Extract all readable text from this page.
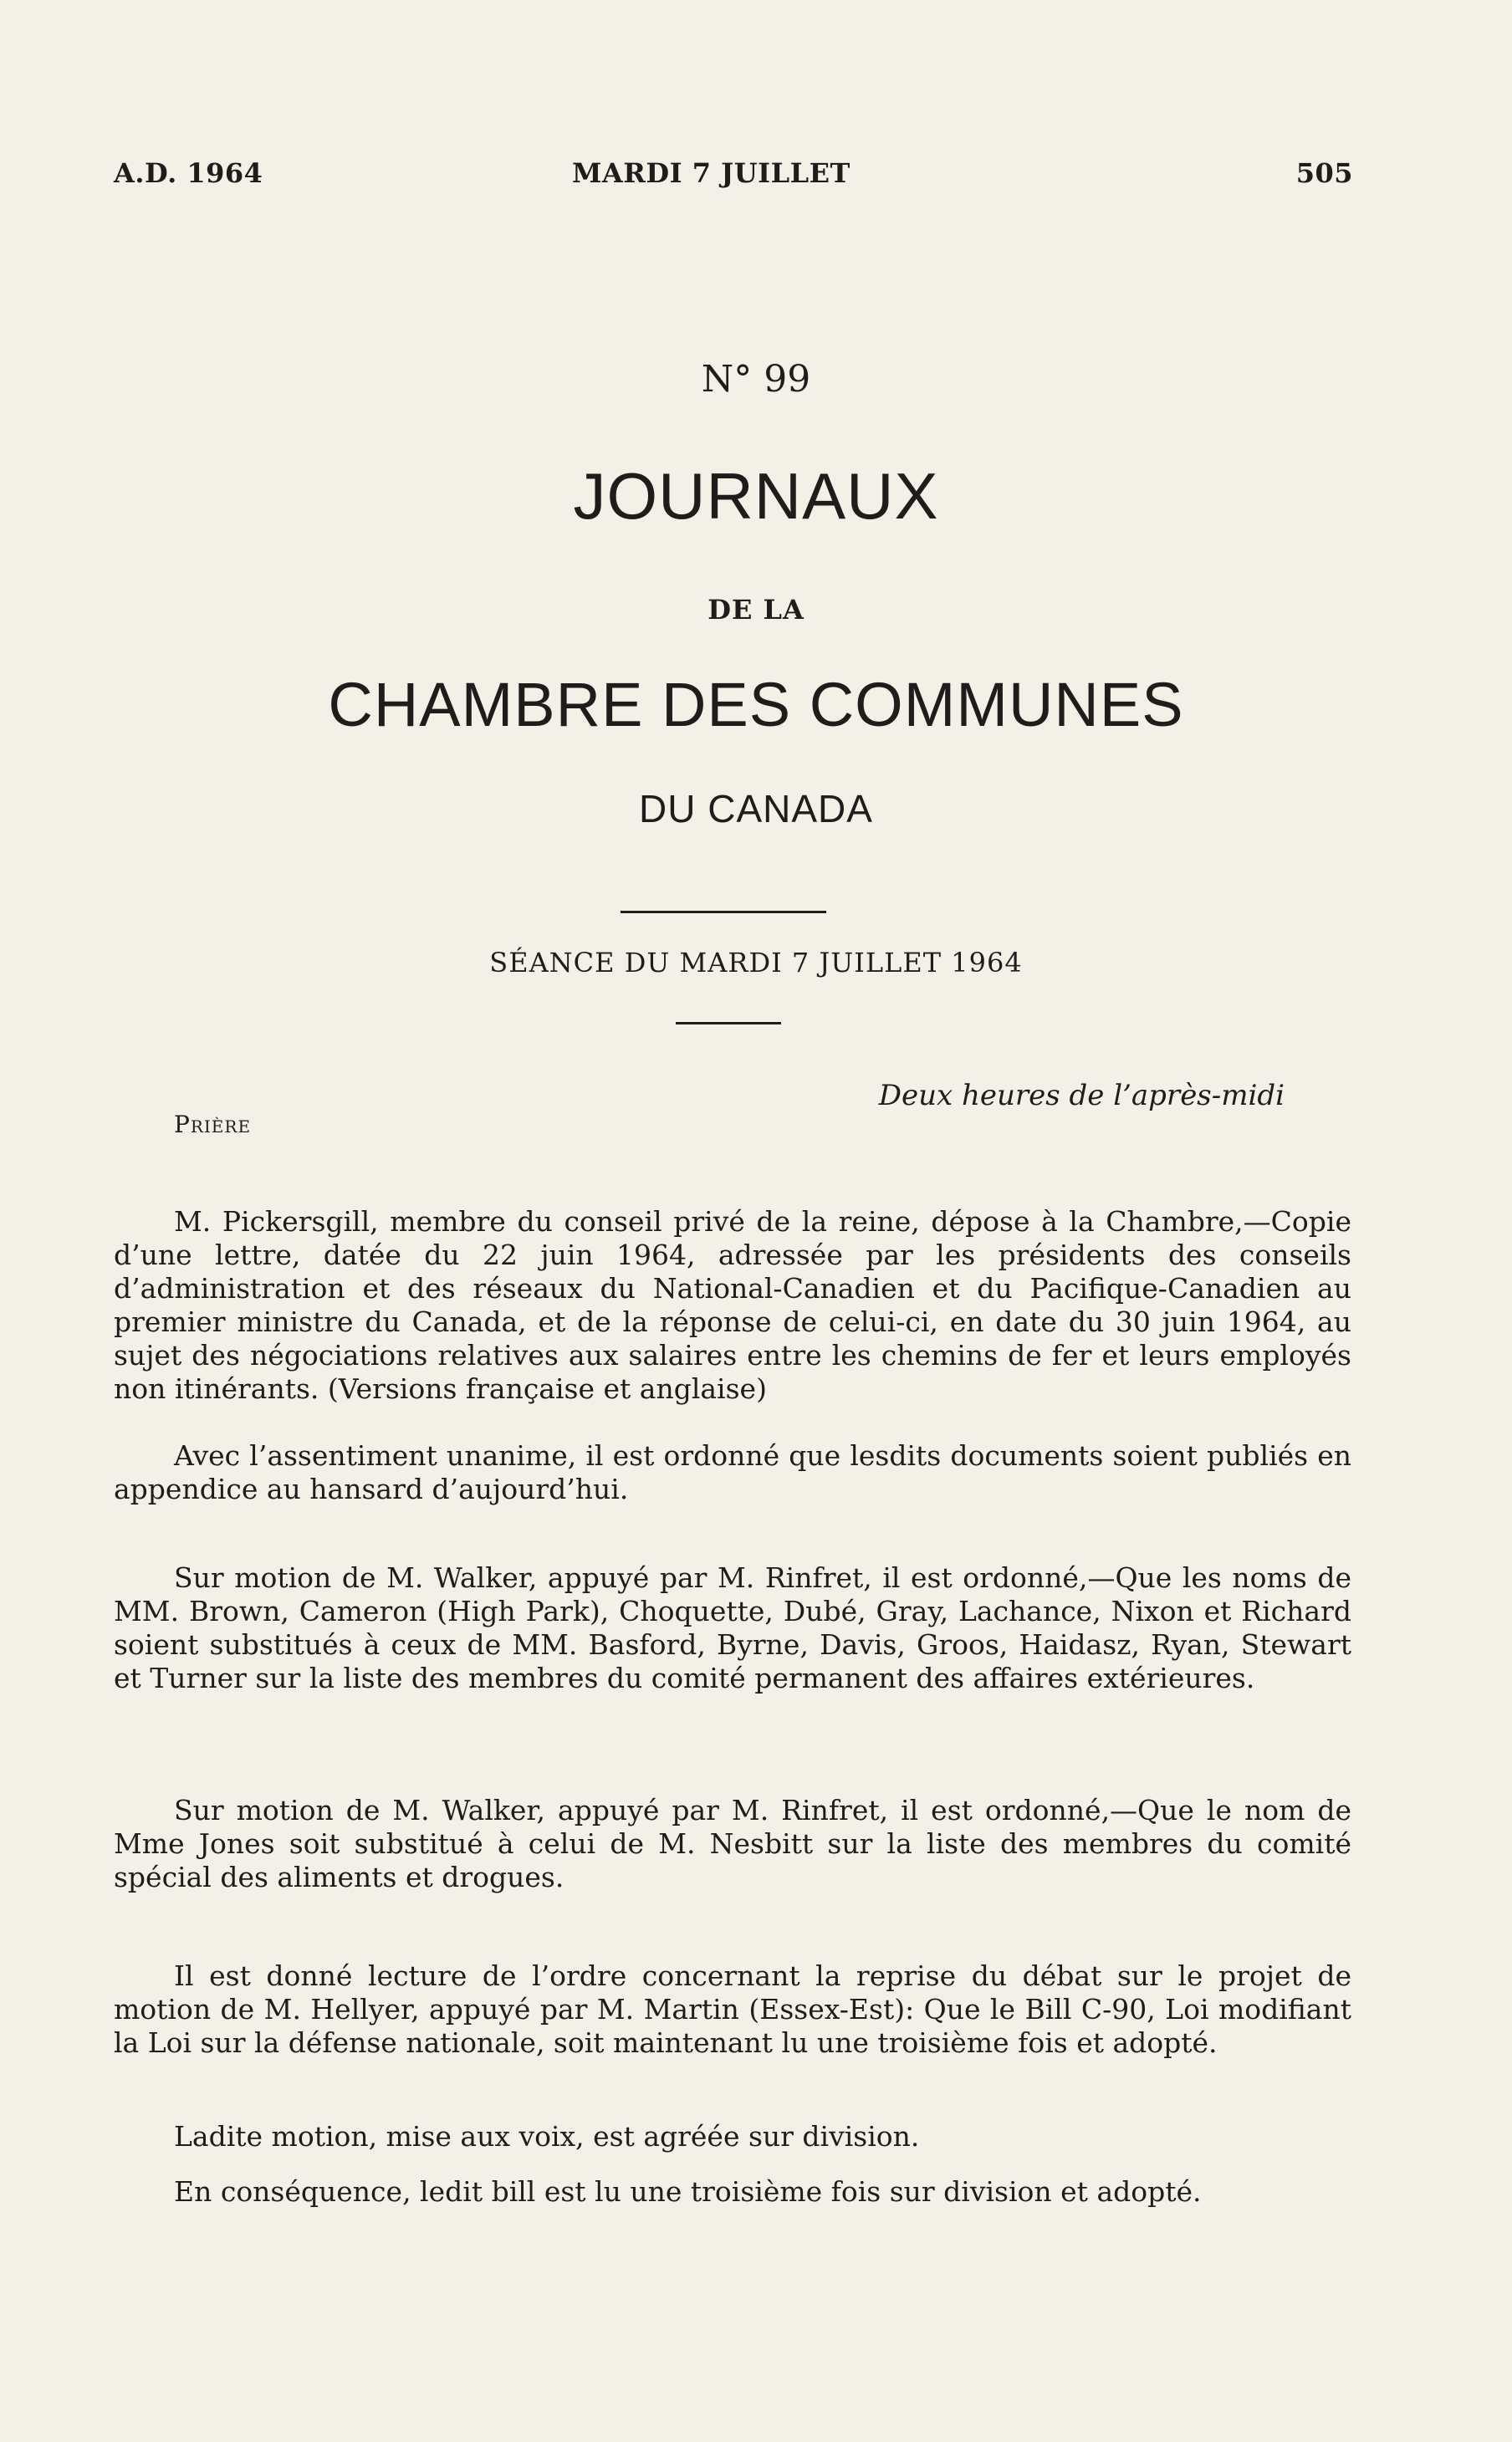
A.D. 1964	MARDI 7 JUILLET	505
N° 99
JOURNAUX
DE LA
CHAMBRE DES COMMUNES
DU CANADA
SÉANCE DU MARDI 7 JUILLET 1964
Deux heures de l’après-midi
Prière

M. Pickersgill, membre du conseil privé de la reine, dépose à la Chambre,—Copie d’une lettre, datée du 22 juin 1964, adressée par les présidents des conseils d’administration et des réseaux du National-Canadien et du Pacifique-Canadien au premier ministre du Canada, et de la réponse de celui-ci, en date du 30 juin 1964, au sujet des négociations relatives aux salaires entre les chemins de fer et leurs employés non itinérants. (Versions française et anglaise)

Avec l’assentiment unanime, il est ordonné que lesdits documents soient publiés en appendice au hansard d’aujourd’hui.

Sur motion de M. Walker, appuyé par M. Rinfret, il est ordonné,—Que les noms de MM. Brown, Cameron (High Park), Choquette, Dubé, Gray, Lachance, Nixon et Richard soient substitués à ceux de MM. Basford, Byrne, Davis, Groos, Haidasz, Ryan, Stewart et Turner sur la liste des membres du comité permanent des affaires extérieures.

Sur motion de M. Walker, appuyé par M. Rinfret, il est ordonné,—Que le nom de Mme Jones soit substitué à celui de M. Nesbitt sur la liste des membres du comité spécial des aliments et drogues.

Il est donné lecture de l’ordre concernant la reprise du débat sur le projet de motion de M. Hellyer, appuyé par M. Martin (Essex-Est): Que le Bill C-90, Loi modifiant la Loi sur la défense nationale, soit maintenant lu une troisième fois et adopté.

Ladite motion, mise aux voix, est agréée sur division.

En conséquence, ledit bill est lu une troisième fois sur division et adopté.
